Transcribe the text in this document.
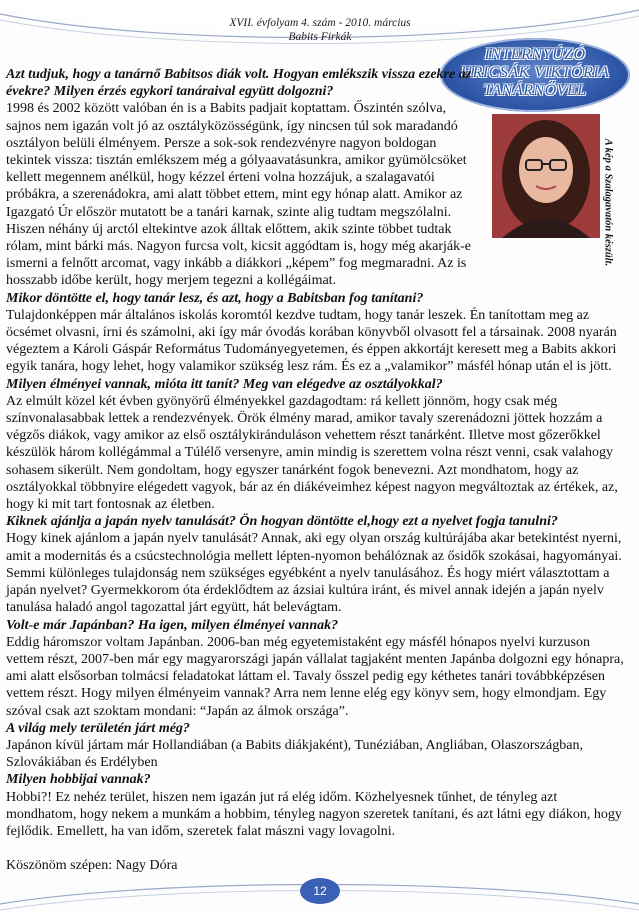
XVII. évfolyam 4. szám - 2010. március
Babits Firkák
INTERNYÚZÓ
HRICSÁK VIKTÓRIA
TANÁRNŐVEL
A kép a Szalagavatón készült.

Azt tudjuk, hogy a tanárnő Babitsos diák volt. Hogyan emlékszik vissza ezekre az évekre? Milyen érzés egykori tanáraival együtt dolgozni?

1998 és 2002 között valóban én is a Babits padjait koptattam. Őszintén szólva, sajnos nem igazán volt jó az osztályközösségünk, így nincsen túl sok maradandó osztályon belüli élményem. Persze a sok-sok rendezvényre nagyon boldogan tekintek vissza: tisztán emlékszem még a gólyaavatásunkra, amikor gyümölcsöket kellett megennem anélkül, hogy kézzel érteni volna hozzájuk, a szalagavatói próbákra, a szerenádokra, ami alatt többet ettem, mint egy hónap alatt. Amikor az Igazgató Úr először mutatott be a tanári karnak, szinte alig tudtam megszólalni. Hiszen néhány új arctól eltekintve azok álltak előttem, akik szinte többet tudtak rólam, mint bárki más. Nagyon furcsa volt, kicsit aggódtam is, hogy még akarják-e ismerni a felnőtt arcomat, vagy inkább a diákkori „képem” fog megmaradni. Az is hosszabb időbe került, hogy merjem tegezni a kollégáimat.

Mikor döntötte el, hogy tanár lesz, és azt, hogy a Babitsban fog tanítani?

Tulajdonképpen már általános iskolás koromtól kezdve tudtam, hogy tanár leszek. Én tanítottam meg az öcsémet olvasni, írni és számolni, aki így már óvodás korában könyvből olvasott fel a társainak. 2008 nyarán végeztem a Károli Gáspár Református Tudományegyetemen, és éppen akkortájt keresett meg a Babits akkori egyik tanára, hogy lehet, hogy valamikor szükség lesz rám. És ez a „valamikor” másfél hónap után el is jött.

Milyen élményei vannak, mióta itt tanít? Meg van elégedve az osztályokkal?

Az elmúlt közel két évben gyönyörű élményekkel gazdagodtam: rá kellett jönnöm, hogy csak még színvonalasabbak lettek a rendezvények. Örök élmény marad, amikor tavaly szerenádozni jöttek hozzám a végzős diákok, vagy amikor az első osztálykiránduláson vehettem részt tanárként. Illetve most gőzerőkkel készülök három kollégámmal a Túlélő versenyre, amin mindig is szerettem volna részt venni, csak valahogy sohasem sikerült. Nem gondoltam, hogy egyszer tanárként fogok benevezni. Azt mondhatom, hogy az osztályokkal többnyire elégedett vagyok, bár az én diákéveimhez képest nagyon megváltoztak az értékek, az, hogy ki mit tart fontosnak az életben.

Kiknek ajánlja a japán nyelv tanulását? Ön hogyan döntötte el,hogy ezt a nyelvet fogja tanulni?

Hogy kinek ajánlom a japán nyelv tanulását? Annak, aki egy olyan ország kultúrájába akar betekintést nyerni, amit a modernitás és a csúcstechnológia mellett lépten-nyomon behálóznak az ősidők szokásai, hagyományai. Semmi különleges tulajdonság nem szükséges egyébként a nyelv tanulásához. És hogy miért választottam a japán nyelvet? Gyermekkorom óta érdeklődtem az ázsiai kultúra iránt, és mivel annak idején a japán nyelv tanulása haladó angol tagozattal járt együtt, hát belevágtam.

Volt-e már Japánban? Ha igen, milyen élményei vannak?

Eddig háromszor voltam Japánban. 2006-ban még egyetemistaként egy másfél hónapos nyelvi kurzuson vettem részt, 2007-ben már egy magyarországi japán vállalat tagjaként menten Japánba dolgozni egy hónapra, ami alatt elsősorban tolmácsi feladatokat láttam el. Tavaly ősszel pedig egy kéthetes tanári továbbképzésen vettem részt. Hogy milyen élményeim vannak? Arra nem lenne elég egy könyv sem, hogy elmondjam. Egy szóval csak azt szoktam mondani: “Japán az álmok országa”.

A világ mely területén járt még?

Japánon kívül jártam már Hollandiában (a Babits diákjaként), Tunéziában, Angliában, Olaszországban, Szlovákiában és Erdélyben

Milyen hobbijai vannak?

Hobbi?! Ez nehéz terület, hiszen nem igazán jut rá elég időm. Közhelyesnek tűnhet, de tényleg azt mondhatom, hogy nekem a munkám a hobbim, tényleg nagyon szeretek tanítani, és azt látni egy diákon, hogy fejlődik. Emellett, ha van időm, szeretek falat mászni vagy lovagolni.

Köszönöm szépen: Nagy Dóra
12
